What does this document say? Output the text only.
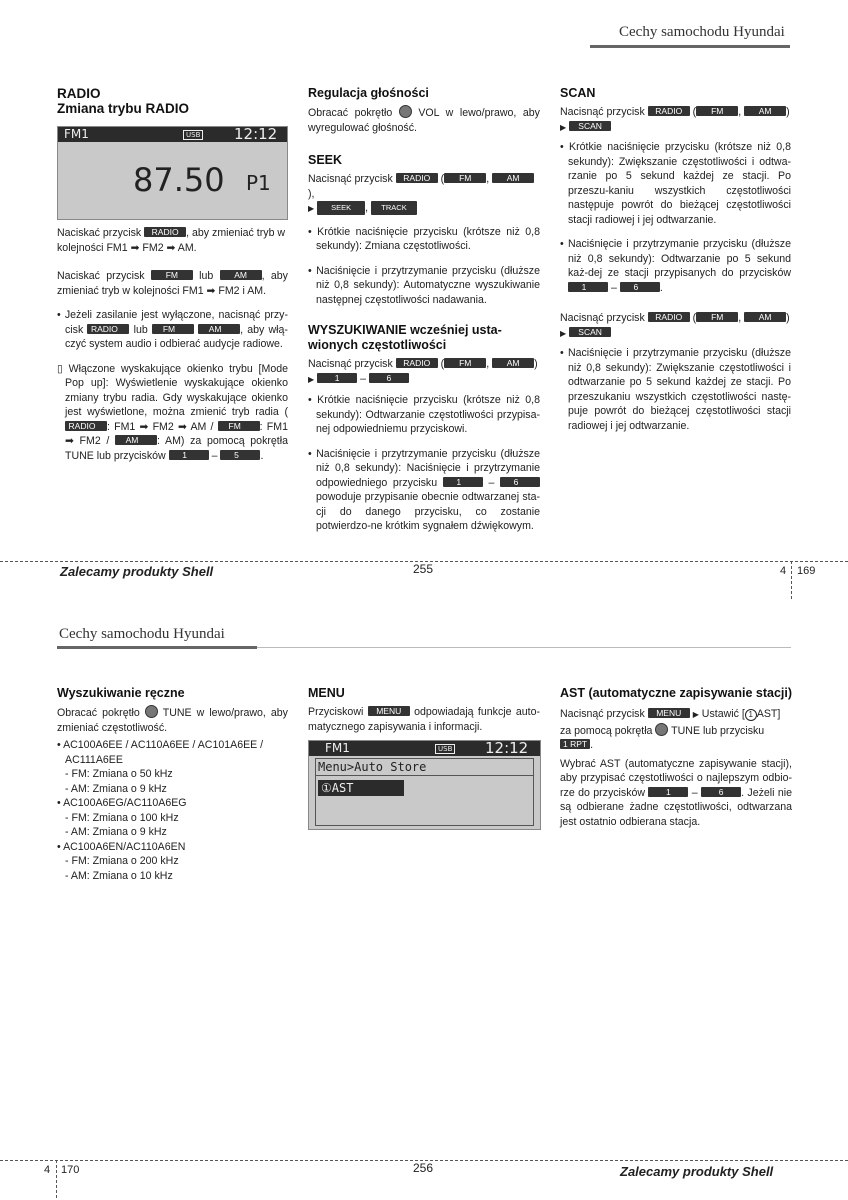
Cechy samochodu Hyundai
RADIO
Zmiana trybu RADIO
FM1	USB 12:12
87.50 P1

Naciskać przycisk RADIO , aby zmieniać tryb w kolejności FM1 ➡ FM2 ➡ AM.

Naciskać przycisk FM lub AM , aby zmieniać tryb w kolejności FM1 ➡ FM2 i AM.

• Jeżeli zasilanie jest wyłączone, nacisnąć przy-cisk RADIO lub FM	AM , aby włą-czyć system audio i odbierać audycje radiowe.

▯ Włączone wyskakujące okienko trybu [Mode Pop up]: Wyświetlenie wyskakujące okienko zmiany trybu radia. Gdy wyskakujące okienko jest wyświetlone, można zmienić tryb radia (RADIO : FM1 ➡ FM2 ➡ AM / FM : FM1 ➡ FM2 / AM : AM) za pomocą pokrętła TUNE lub przycisków 1 – 5 .

Regulacja głośności

Obracać pokrętło VOL w lewo/prawo, aby wyregulować głośność.

SEEK

Nacisnąć przycisk RADIO ( FM , AM),
▶ SEEK , TRACK

• Krótkie naciśnięcie przycisku (krótsze niż 0,8 sekundy): Zmiana częstotliwości.

• Naciśnięcie i przytrzymanie przycisku (dłuższe niż 0,8 sekundy): Automatyczne wyszukiwanie następnej częstotliwości nadawania.

WYSZUKIWANIE wcześniej usta-wionych częstotliwości

Nacisnąć przycisk RADIO ( FM , AM )
▶ 1 – 6

• Krótkie naciśnięcie przycisku (krótsze niż 0,8 sekundy): Odtwarzanie częstotliwości przypisa-nej odpowiedniemu przyciskowi.

• Naciśnięcie i przytrzymanie przycisku (dłuższe niż 0,8 sekundy): Naciśnięcie i przytrzymanie odpowiedniego przycisku 1	– 6 powoduje przypisanie obecnie odtwarzanej sta-cji do danego przycisku, co zostanie potwierdzo-ne krótkim sygnałem dźwiękowym.

SCAN

Nacisnąć przycisk RADIO ( FM , AM )
▶ SCAN

• Krótkie naciśnięcie przycisku (krótsze niż 0,8 sekundy): Zwiększanie częstotliwości i odtwa-rzanie po 5 sekund każdej ze stacji. Po przeszu-kaniu wszystkich częstotliwości następuje powrót do bieżącej częstotliwości stacji radiowej i jej odtwarzanie.

• Naciśnięcie i przytrzymanie przycisku (dłuższe niż 0,8 sekundy): Odtwarzanie po 5 sekund każ-dej ze stacji przypisanych do przycisków 1 – 6 .

Nacisnąć przycisk RADIO ( FM , AM )
▶ SCAN

• Naciśnięcie i przytrzymanie przycisku (dłuższe niż 0,8 sekundy): Zwiększanie częstotliwości i odtwarzanie po 5 sekund każdej ze stacji. Po przeszukaniu wszystkich częstotliwości nastę-puje powrót do bieżącej częstotliwości stacji radiowej i jej odtwarzanie.

Zalecamy produkty Shell	255	4 169
Cechy samochodu Hyundai
Wyszukiwanie ręczne

Obracać pokrętło TUNE w lewo/prawo, aby zmieniać częstotliwość.

• AC100A6EE / AC110A6EE / AC101A6EE / AC111A6EE
- FM: Zmiana o 50 kHz
- AM: Zmiana o 9 kHz
• AC100A6EG/AC110A6EG
- FM: Zmiana o 100 kHz
- AM: Zmiana o 9 kHz
• AC100A6EN/AC110A6EN
- FM: Zmiana o 200 kHz
- AM: Zmiana o 10 kHz
MENU

Przyciskowi MENU odpowiadają funkcje auto-matycznego zapisywania i informacji.

FM1	USB 12:12
Menu>Auto Store
①AST
AST (automatyczne zapisywanie stacji)

Nacisnąć przycisk MENU ▶ Ustawić [ 1 AST] za pomocą pokrętła TUNE lub przycisku 1 RPT .

Wybrać AST (automatyczne zapisywanie stacji), aby przypisać częstotliwości o najlepszym odbio-rze do przycisków 1 – 6 . Jeżeli nie są odbierane żadne częstotliwości, odtwarzana jest ostatnio odbierana stacja.

4 170	256	Zalecamy produkty Shell
